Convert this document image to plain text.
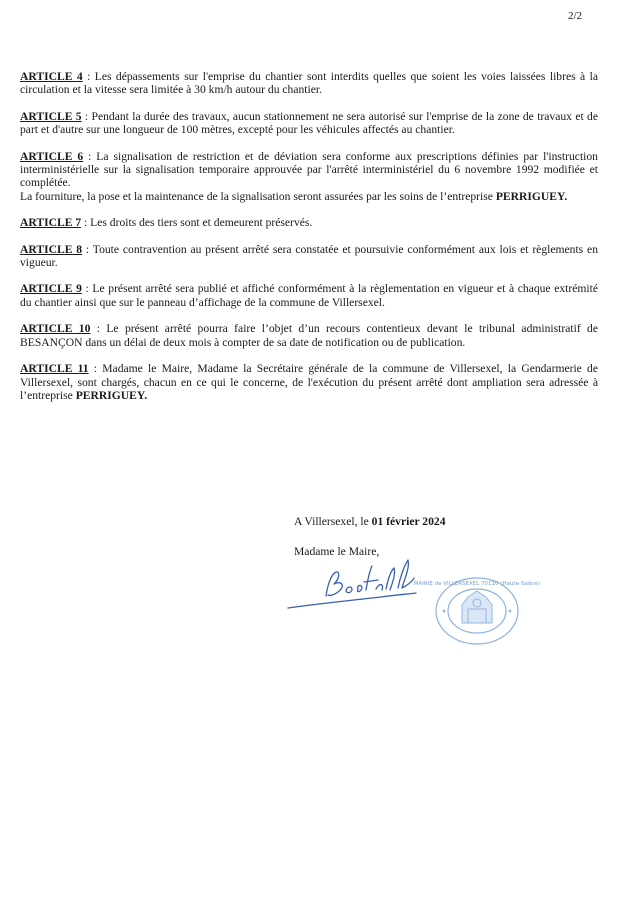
2/2

ARTICLE 4 : Les dépassements sur l'emprise du chantier sont interdits quelles que soient les voies laissées libres à la circulation et la vitesse sera limitée à 30 km/h autour du chantier.

ARTICLE 5 : Pendant la durée des travaux, aucun stationnement ne sera autorisé sur l'emprise de la zone de travaux et de part et d'autre sur une longueur de 100 mètres, excepté pour les véhicules affectés au chantier.

ARTICLE 6 : La signalisation de restriction et de déviation sera conforme aux prescriptions définies par l'instruction interministérielle sur la signalisation temporaire approuvée par l'arrêté interministériel du 6 novembre 1992 modifiée et complétée.

La fourniture, la pose et la maintenance de la signalisation seront assurées par les soins de l’entreprise PERRIGUEY.

ARTICLE 7 : Les droits des tiers sont et demeurent préservés.

ARTICLE 8 : Toute contravention au présent arrêté sera constatée et poursuivie conformément aux lois et règlements en vigueur.

ARTICLE 9 : Le présent arrêté sera publié et affiché conformément à la règlementation en vigueur et à chaque extrémité du chantier ainsi que sur le panneau d’affichage de la commune de Villersexel.

ARTICLE 10 : Le présent arrêté pourra faire l’objet d’un recours contentieux devant le tribunal administratif de BESANÇON dans un délai de deux mois à compter de sa date de notification ou de publication.

ARTICLE 11 : Madame le Maire, Madame la Secrétaire générale de la commune de Villersexel, la Gendarmerie de Villersexel, sont chargés, chacun en ce qui le concerne, de l'exécution du présent arrêté dont ampliation sera adressée à l’entreprise PERRIGUEY.

A Villersexel, le 01 février 2024
Madame le Maire,
MAIRIE de VILLERSEXEL 70110 (Haute-Saône)
